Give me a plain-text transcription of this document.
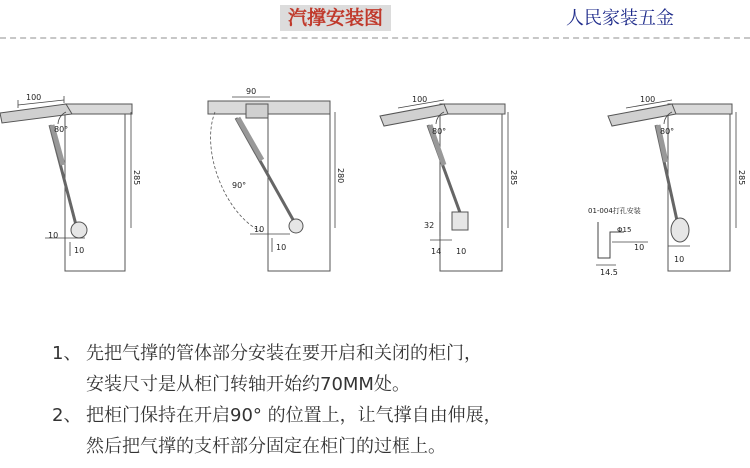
汽撑安装图	人民家装五金
100
80°
285
10
10
90
90°
280
10
10
100
80°
285
32
14 10
100
80°
285
01-004打孔安装
Φ15
10
14.5
10
1、 先把气撑的管体部分安装在要开启和关闭的柜门，
安装尺寸是从柜门转轴开始约70MM处。
2、 把柜门保持在开启90° 的位置上，让气撑自由伸展，
然后把气撑的支杆部分固定在柜门的过框上。
